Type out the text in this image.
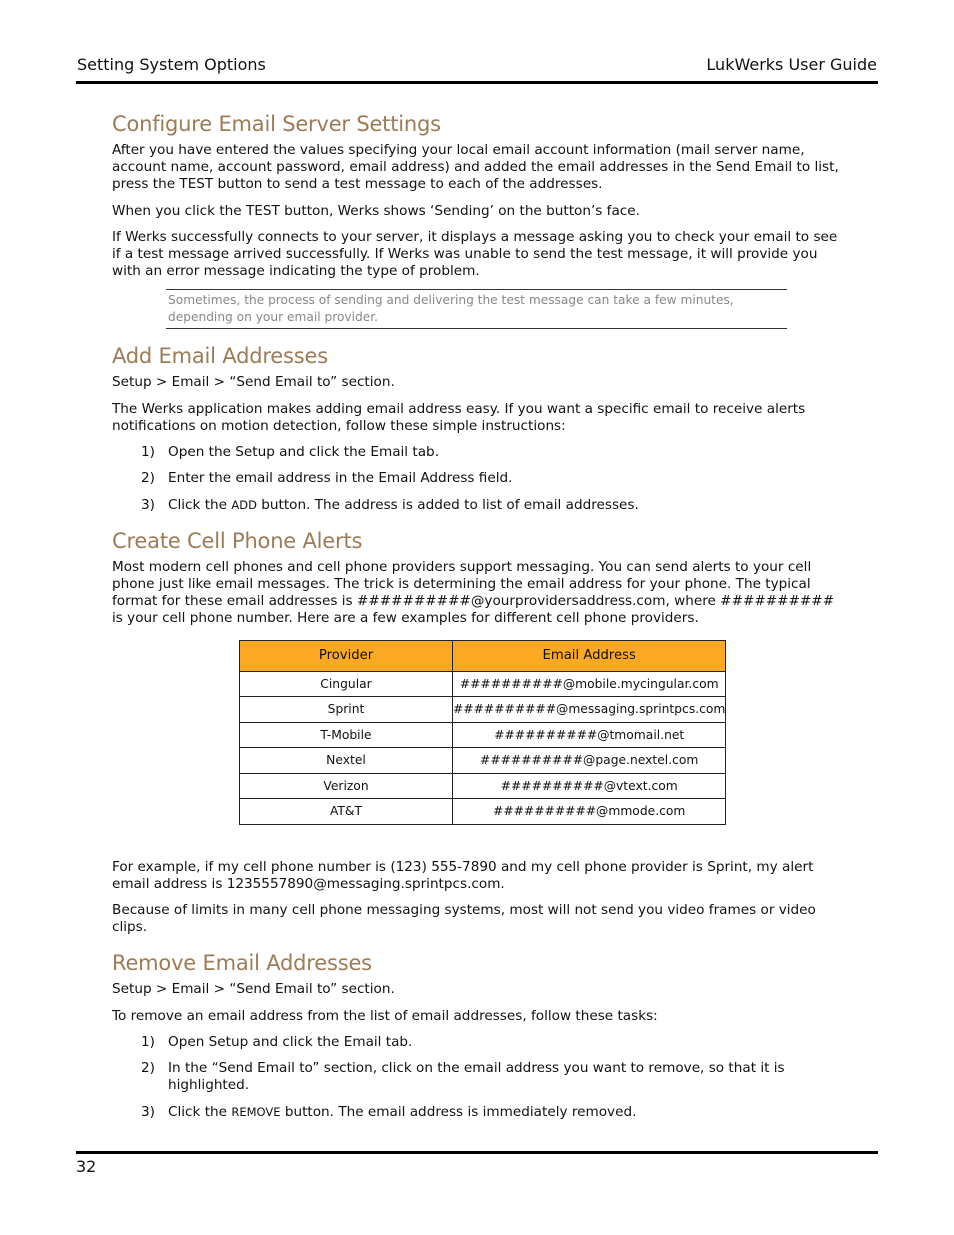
Setting System Options	LukWerks User Guide
Configure Email Server Settings

After you have entered the values specifying your local email account information (mail server name, account name, account password, email address) and added the email addresses in the Send Email to list, press the TEST button to send a test message to each of the addresses.

When you click the TEST button, Werks shows ‘Sending’ on the button’s face.

If Werks successfully connects to your server, it displays a message asking you to check your email to see if a test message arrived successfully. If Werks was unable to send the test message, it will provide you with an error message indicating the type of problem.

Sometimes, the process of sending and delivering the test message can take a few minutes, depending on your email provider.
Add Email Addresses

Setup > Email > “Send Email to” section.

The Werks application makes adding email address easy. If you want a specific email to receive alerts notifications on motion detection, follow these simple instructions:

1) Open the Setup and click the Email tab.
2) Enter the email address in the Email Address field.
3) Click the ADD button. The address is added to list of email addresses.
Create Cell Phone Alerts

Most modern cell phones and cell phone providers support messaging. You can send alerts to your cell phone just like email messages. The trick is determining the email address for your phone. The typical format for these email addresses is ##########@yourprovidersaddress.com, where ########## is your cell phone number. Here are a few examples for different cell phone providers.

Provider	Email Address
Cingular	##########@mobile.mycingular.com
Sprint	##########@messaging.sprintpcs.com
T-Mobile	##########@tmomail.net
Nextel	##########@page.nextel.com
Verizon	##########@vtext.com
AT&T	##########@mmode.com

For example, if my cell phone number is (123) 555-7890 and my cell phone provider is Sprint, my alert email address is 1235557890@messaging.sprintpcs.com.

Because of limits in many cell phone messaging systems, most will not send you video frames or video clips.

Remove Email Addresses

Setup > Email > “Send Email to” section.

To remove an email address from the list of email addresses, follow these tasks:

1) Open Setup and click the Email tab.
2) In the “Send Email to” section, click on the email address you want to remove, so that it is highlighted.
3) Click the REMOVE button. The email address is immediately removed.
32
